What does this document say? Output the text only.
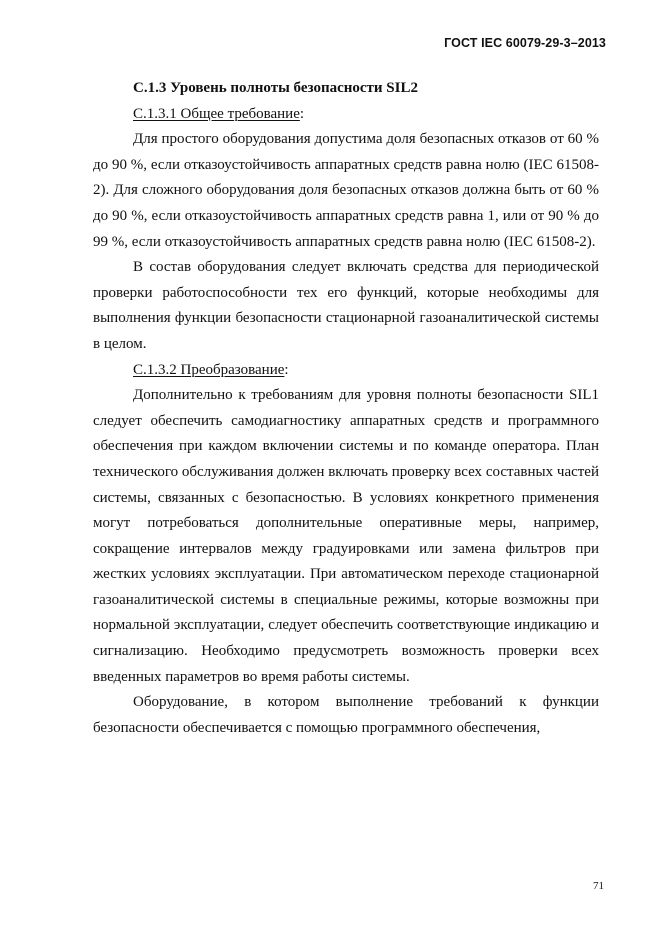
ГОСТ IEC 60079-29-3–2013
C.1.3 Уровень полноты безопасности SIL2
С.1.3.1 Общее требование:

Для простого оборудования допустима доля безопасных отказов от 60 % до 90 %, если отказоустойчивость аппаратных средств равна нолю (IEC 61508-2). Для сложного оборудования доля безопасных отказов должна быть от 60 % до 90 %, если отказоустойчивость аппаратных средств равна 1, или от 90 % до 99 %, если отказоустойчивость аппаратных средств равна нолю (IEC 61508-2).

В состав оборудования следует включать средства для периодической проверки работоспособности тех его функций, которые необходимы для выполнения функции безопасности стационарной газоаналитической системы в целом.

С.1.3.2 Преобразование:

Дополнительно к требованиям для уровня полноты безопасности SIL1 следует обеспечить самодиагностику аппаратных средств и программного обеспечения при каждом включении системы и по команде оператора. План технического обслуживания должен включать проверку всех составных частей системы, связанных с безопасностью. В условиях конкретного применения могут потребоваться дополнительные оперативные меры, например, сокращение интервалов между градуировками или замена фильтров при жестких условиях эксплуатации. При автоматическом переходе стационарной газоаналитической системы в специальные режимы, которые возможны при нормальной эксплуатации, следует обеспечить соответствующие индикацию и сигнализацию. Необходимо предусмотреть возможность проверки всех введенных параметров во время работы системы.

Оборудование, в котором выполнение требований к функции безопасности обеспечивается с помощью программного обеспечения,

71
